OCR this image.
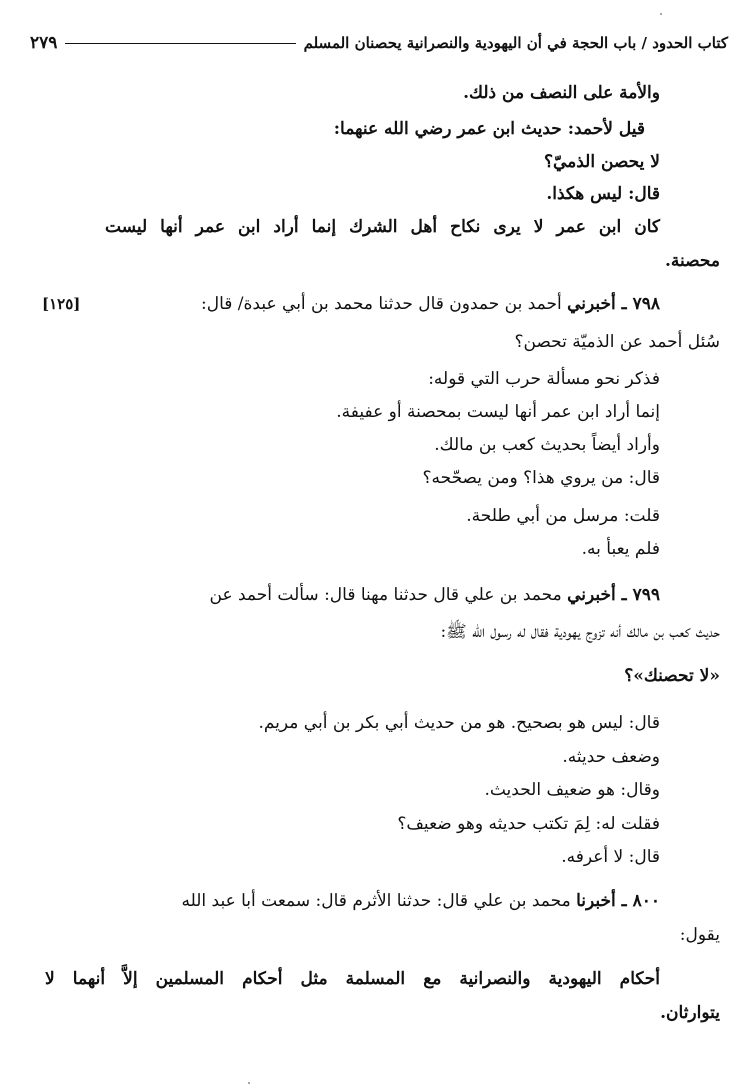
كتاب الحدود / باب الحجة في أن اليهودية والنصرانية يحصنان المسلم
٢٧٩
والأمة على النصف من ذلك.
قيل لأحمد: حديث ابن عمر رضي الله عنهما:
لا يحصن الذميّ؟
قال: ليس هكذا.
كان ابن عمر لا يرى نكاح أهل الشرك إنما أراد ابن عمر أنها ليست
محصنة.
٧٩٨ ـ أخبرني أحمد بن حمدون قال حدثنا محمد بن أبي عبدة/ قال:
[١٢٥]
سُئل أحمد عن الذميّة تحصن؟
فذكر نحو مسألة حرب التي قوله:
إنما أراد ابن عمر أنها ليست بمحصنة أو عفيفة.
وأراد أيضاً بحديث كعب بن مالك.
قال: من يروي هذا؟ ومن يصحّحه؟
قلت: مرسل من أبي طلحة.
فلم يعبأ به.
٧٩٩ ـ أخبرني محمد بن علي قال حدثنا مهنا قال: سألت أحمد عن
حديث كعب بن مالك أنه تزوج يهودية فقال له رسول الله ﷺ:
«لا تحصنك»؟
قال: ليس هو بصحيح. هو من حديث أبي بكر بن أبي مريم.
وضعف حديثه.
وقال: هو ضعيف الحديث.
فقلت له: لِمَ تكتب حديثه وهو ضعيف؟
قال: لا أعرفه.
٨٠٠ ـ أخبرنا محمد بن علي قال: حدثنا الأثرم قال: سمعت أبا عبد الله
يقول:
أحكام اليهودية والنصرانية مع المسلمة مثل أحكام المسلمين إلاَّ أنهما لا
يتوارثان.
